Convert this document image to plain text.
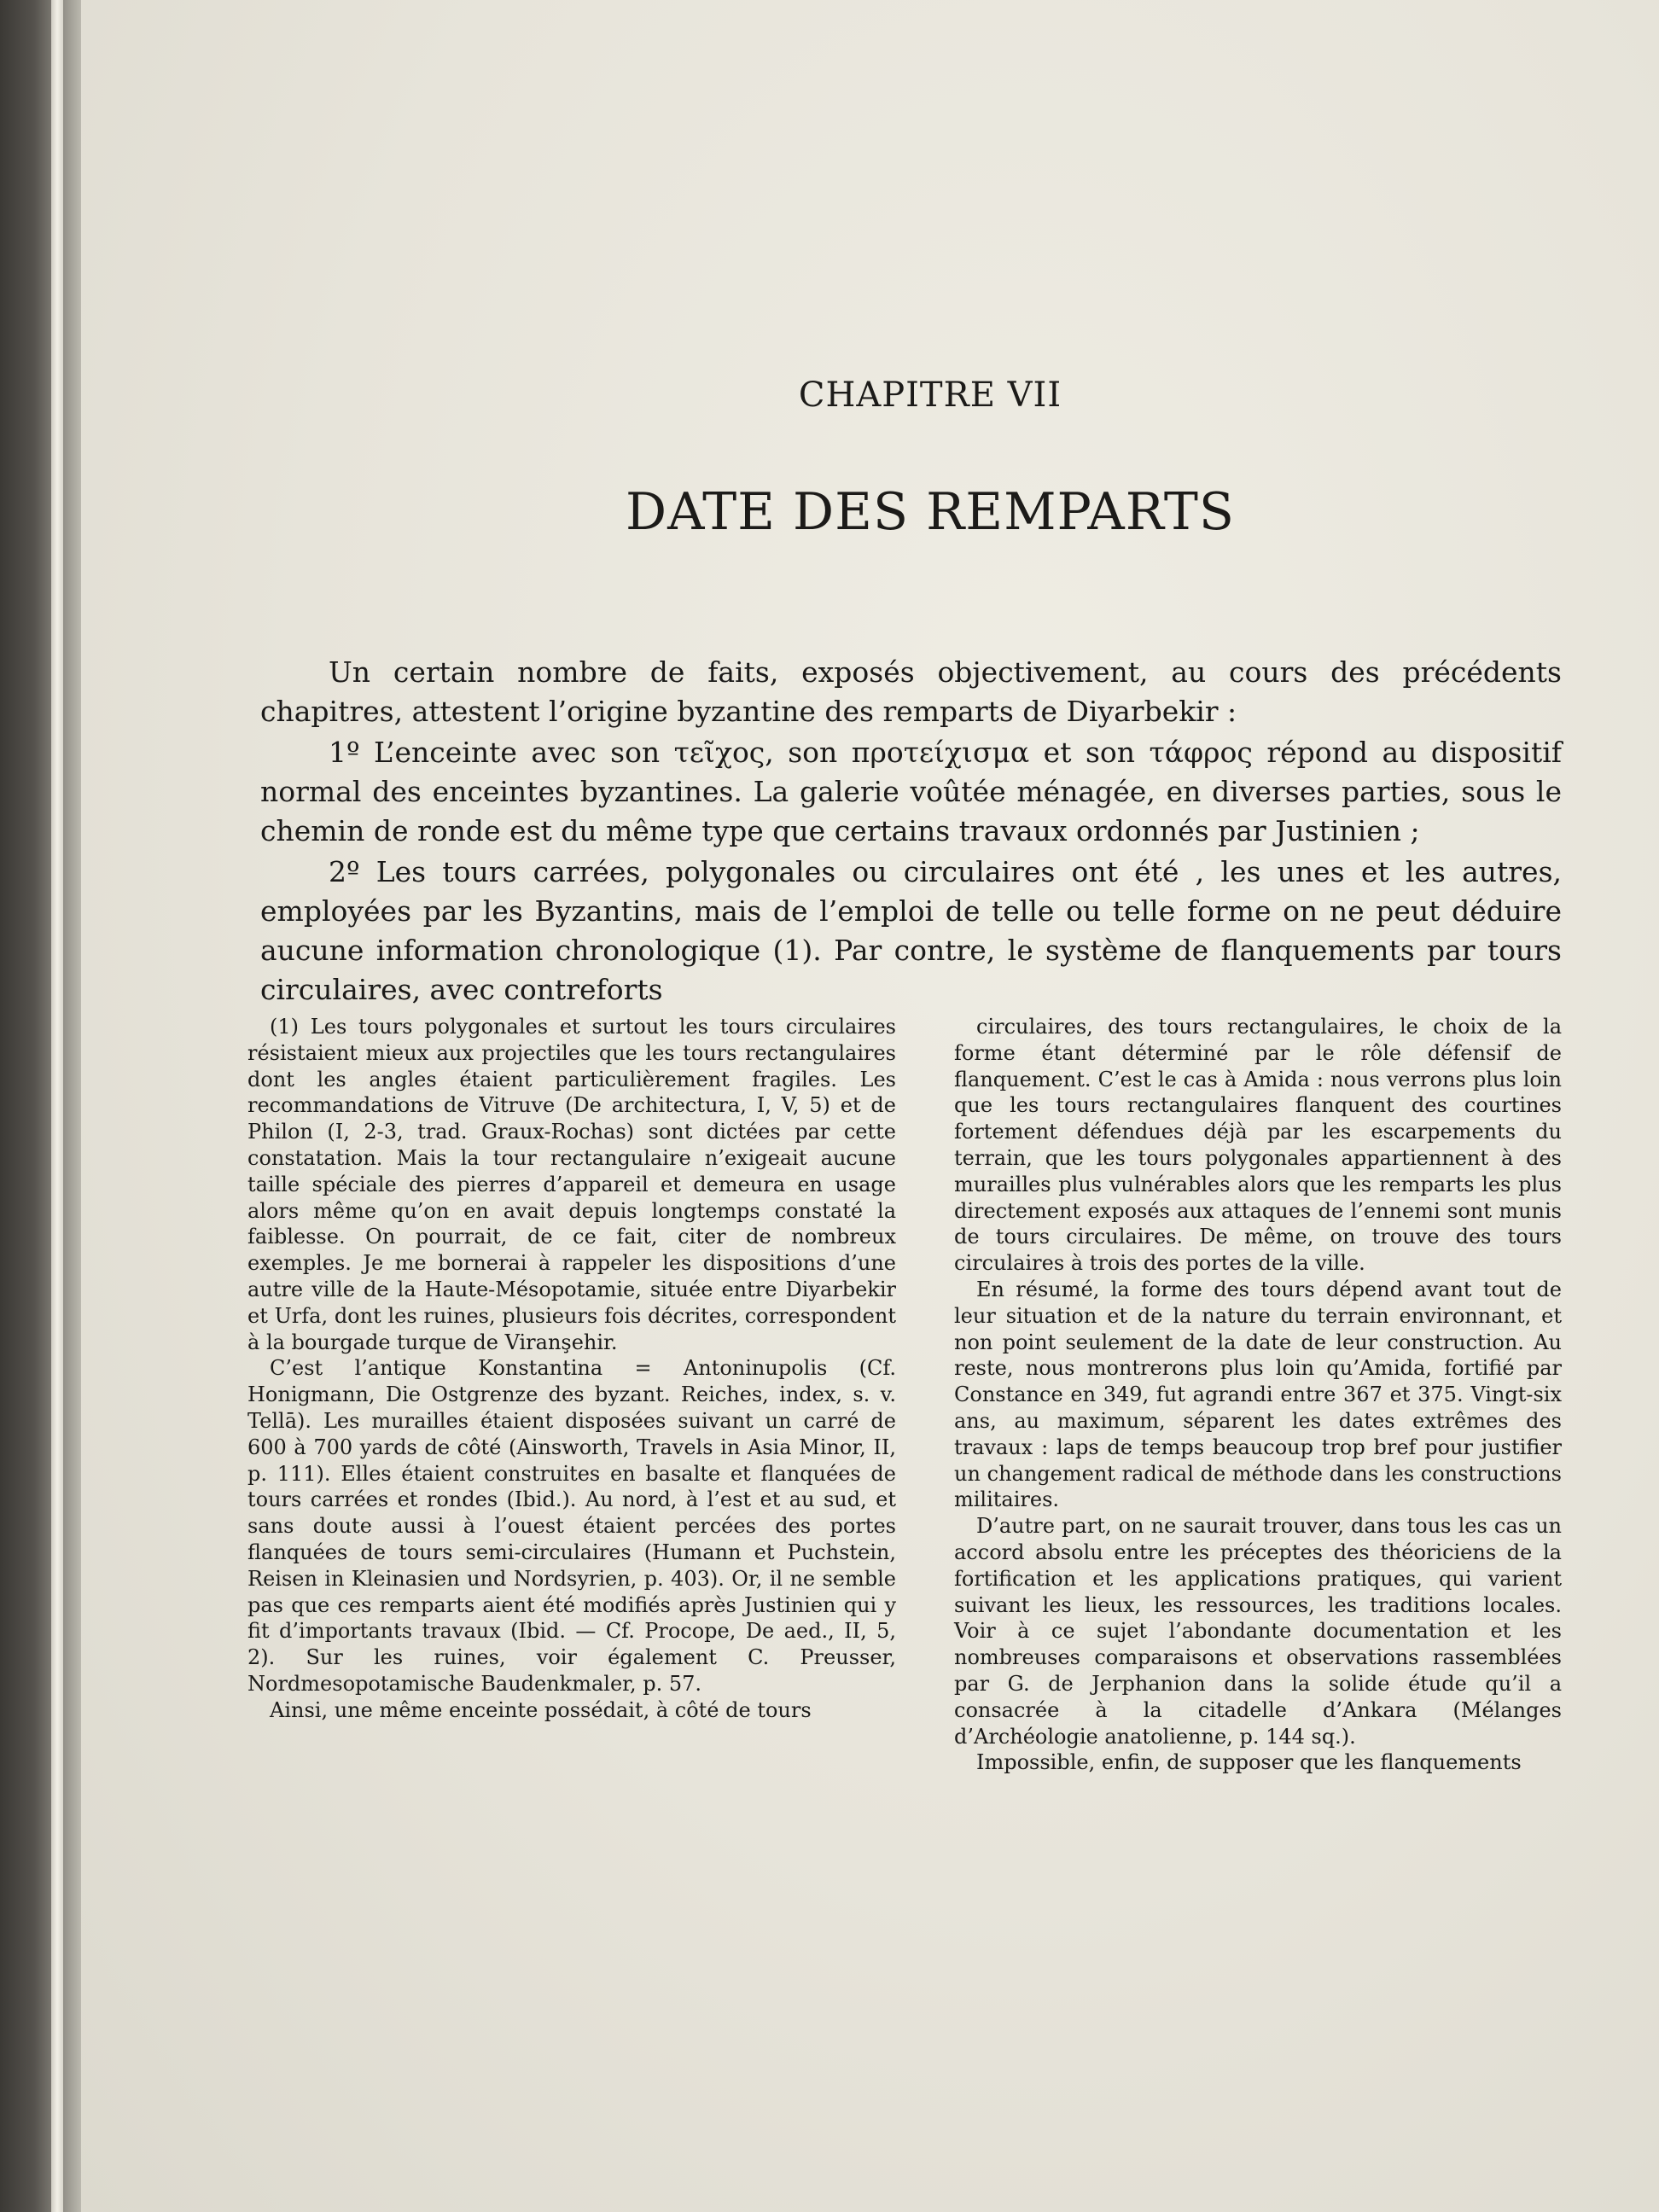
CHAPITRE VII
DATE DES REMPARTS

Un certain nombre de faits, exposés objectivement, au cours des précédents chapitres, attestent l’origine byzantine des remparts de Diyarbekir :

1º L’enceinte avec son τεῖχος, son προτείχισμα et son τάφρος répond au dispositif normal des enceintes byzantines. La galerie voûtée ménagée, en diverses parties, sous le chemin de ronde est du même type que certains travaux ordonnés par Justinien ;

2º Les tours carrées, polygonales ou circulaires ont été , les unes et les autres, employées par les Byzantins, mais de l’emploi de telle ou telle forme on ne peut déduire aucune information chronologique (1). Par contre, le système de flanquements par tours circulaires, avec contreforts

(1) Les tours polygonales et surtout les tours circulaires résistaient mieux aux projectiles que les tours rectangulaires dont les angles étaient particulièrement fragiles. Les recommandations de Vitruve (De architectura, I, V, 5) et de Philon (I, 2-3, trad. Graux-Rochas) sont dictées par cette constatation. Mais la tour rectangulaire n’exigeait aucune taille spéciale des pierres d’appareil et demeura en usage alors même qu’on en avait depuis longtemps constaté la faiblesse. On pourrait, de ce fait, citer de nombreux exemples. Je me bornerai à rappeler les dispositions d’une autre ville de la Haute-Mésopotamie, située entre Diyarbekir et Urfa, dont les ruines, plusieurs fois décrites, correspondent à la bourgade turque de Viranşehir.

C’est l’antique Konstantina = Antoninupolis (Cf. Honigmann, Die Ostgrenze des byzant. Reiches, index, s. v. Tellā). Les murailles étaient disposées suivant un carré de 600 à 700 yards de côté (Ainsworth, Travels in Asia Minor, II, p. 111). Elles étaient construites en basalte et flanquées de tours carrées et rondes (Ibid.). Au nord, à l’est et au sud, et sans doute aussi à l’ouest étaient percées des portes flanquées de tours semi-circulaires (Humann et Puchstein, Reisen in Kleinasien und Nordsyrien, p. 403). Or, il ne semble pas que ces remparts aient été modifiés après Justinien qui y fit d’importants travaux (Ibid. — Cf. Procope, De aed., II, 5, 2). Sur les ruines, voir également C. Preusser, Nordmesopotamische Baudenkmaler, p. 57.

Ainsi, une même enceinte possédait, à côté de tours

circulaires, des tours rectangulaires, le choix de la forme étant déterminé par le rôle défensif de flanquement. C’est le cas à Amida : nous verrons plus loin que les tours rectangulaires flanquent des courtines fortement défendues déjà par les escarpements du terrain, que les tours polygonales appartiennent à des murailles plus vulnérables alors que les remparts les plus directement exposés aux attaques de l’ennemi sont munis de tours circulaires. De même, on trouve des tours circulaires à trois des portes de la ville.

En résumé, la forme des tours dépend avant tout de leur situation et de la nature du terrain environnant, et non point seulement de la date de leur construction. Au reste, nous montrerons plus loin qu’Amida, fortifié par Constance en 349, fut agrandi entre 367 et 375. Vingt-six ans, au maximum, séparent les dates extrêmes des travaux : laps de temps beaucoup trop bref pour justifier un changement radical de méthode dans les constructions militaires.

D’autre part, on ne saurait trouver, dans tous les cas un accord absolu entre les préceptes des théoriciens de la fortification et les applications pratiques, qui varient suivant les lieux, les ressources, les traditions locales. Voir à ce sujet l’abondante documentation et les nombreuses comparaisons et observations rassemblées par G. de Jerphanion dans la solide étude qu’il a consacrée à la citadelle d’Ankara (Mélanges d’Archéologie anatolienne, p. 144 sq.).

Impossible, enfin, de supposer que les flanquements
